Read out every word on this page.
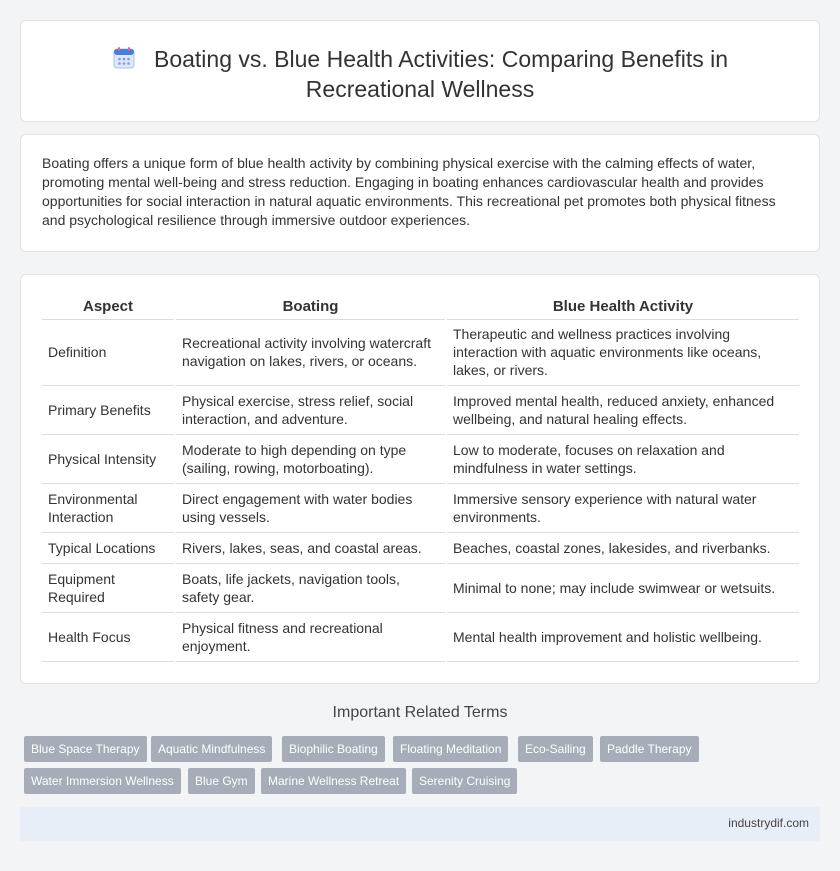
Boating vs. Blue Health Activities: Comparing Benefits in
Recreational Wellness

Boating offers a unique form of blue health activity by combining physical exercise with the calming effects of water, promoting mental well-being and stress reduction. Engaging in boating enhances cardiovascular health and provides opportunities for social interaction in natural aquatic environments. This recreational pet promotes both physical fitness and psychological resilience through immersive outdoor experiences.

Aspect	Boating	Blue Health Activity
Definition	Recreational activity involving watercraft navigation on lakes, rivers, or oceans.	Therapeutic and wellness practices involving interaction with aquatic environments like oceans, lakes, or rivers.
Primary Benefits	Physical exercise, stress relief, social interaction, and adventure.	Improved mental health, reduced anxiety, enhanced wellbeing, and natural healing effects.
Physical Intensity	Moderate to high depending on type (sailing, rowing, motorboating).	Low to moderate, focuses on relaxation and mindfulness in water settings.
Environmental Interaction	Direct engagement with water bodies using vessels.	Immersive sensory experience with natural water environments.
Typical Locations	Rivers, lakes, seas, and coastal areas.	Beaches, coastal zones, lakesides, and riverbanks.
Equipment Required	Boats, life jackets, navigation tools, safety gear.	Minimal to none; may include swimwear or wetsuits.
Health Focus	Physical fitness and recreational enjoyment.	Mental health improvement and holistic wellbeing.
Important Related Terms
Blue Space Therapy	Aquatic Mindfulness	Biophilic Boating	Floating Meditation	Eco-Sailing	Paddle Therapy
Water Immersion Wellness	Blue Gym	Marine Wellness Retreat	Serenity Cruising
industrydif.com
